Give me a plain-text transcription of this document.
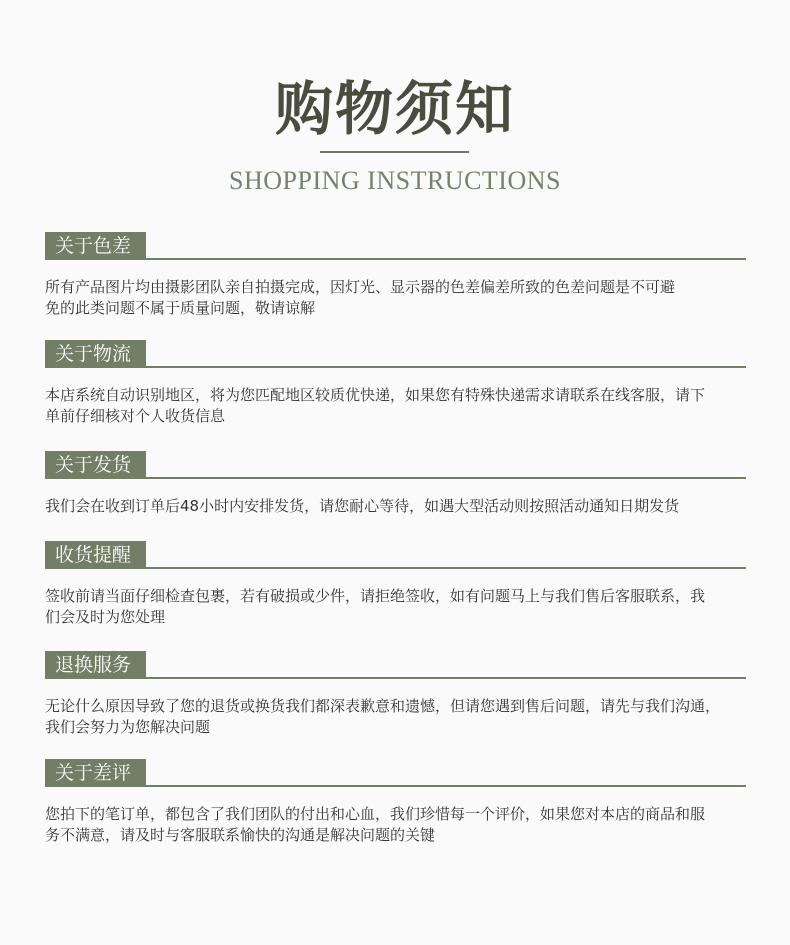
购物须知
SHOPPING INSTRUCTIONS
关于色差
所有产品图片均由摄影团队亲自拍摄完成，因灯光、显示器的色差偏差所致的色差问题是不可避
免的此类问题不属于质量问题，敬请谅解
关于物流
本店系统自动识别地区，将为您匹配地区较质优快递，如果您有特殊快递需求请联系在线客服，请下
单前仔细核对个人收货信息
关于发货
我们会在收到订单后48小时内安排发货，请您耐心等待，如遇大型活动则按照活动通知日期发货
收货提醒
签收前请当面仔细检查包裹，若有破损或少件，请拒绝签收，如有问题马上与我们售后客服联系，我
们会及时为您处理
退换服务
无论什么原因导致了您的退货或换货我们都深表歉意和遗憾，但请您遇到售后问题，请先与我们沟通，
我们会努力为您解决问题
关于差评
您拍下的笔订单，都包含了我们团队的付出和心血，我们珍惜每一个评价，如果您对本店的商品和服
务不满意，请及时与客服联系愉快的沟通是解决问题的关键
